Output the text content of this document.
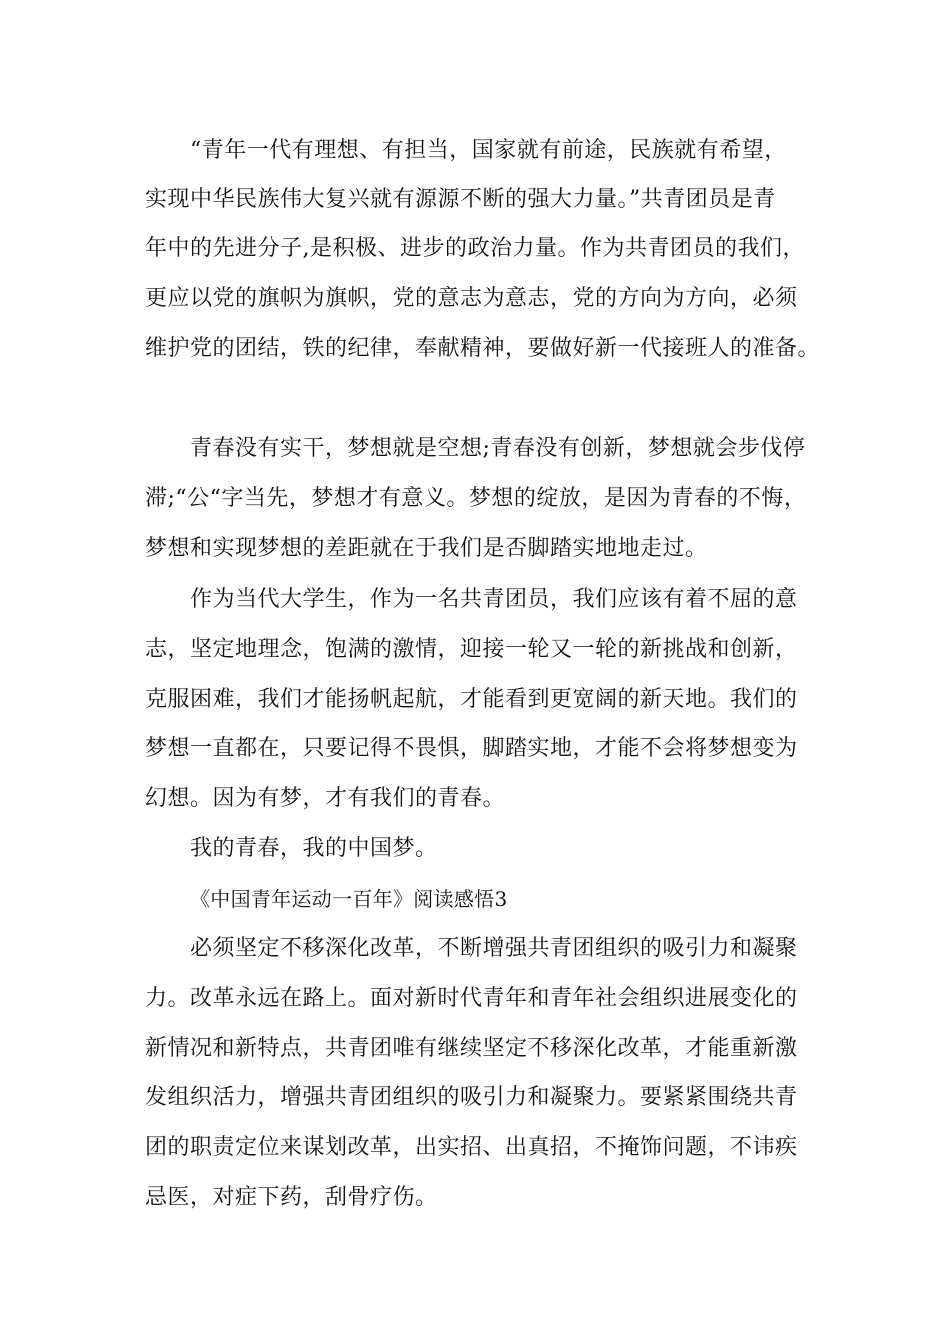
“青年一代有理想、有担当，国家就有前途，民族就有希望，
实现中华民族伟大复兴就有源源不断的强大力量。”共青团员是青
年中的先进分子,是积极、进步的政治力量。作为共青团员的我们，
更应以党的旗帜为旗帜，党的意志为意志，党的方向为方向，必须
维护党的团结，铁的纪律，奉献精神，要做好新一代接班人的准备。
青春没有实干，梦想就是空想;青春没有创新，梦想就会步伐停
滞;“公“字当先，梦想才有意义。梦想的绽放，是因为青春的不悔，
梦想和实现梦想的差距就在于我们是否脚踏实地地走过。
作为当代大学生，作为一名共青团员，我们应该有着不屈的意
志，坚定地理念，饱满的激情，迎接一轮又一轮的新挑战和创新，
克服困难，我们才能扬帆起航，才能看到更宽阔的新天地。我们的
梦想一直都在，只要记得不畏惧，脚踏实地，才能不会将梦想变为
幻想。因为有梦，才有我们的青春。
我的青春，我的中国梦。
《中国青年运动一百年》阅读感悟3
必须坚定不移深化改革，不断增强共青团组织的吸引力和凝聚
力。改革永远在路上。面对新时代青年和青年社会组织进展变化的
新情况和新特点，共青团唯有继续坚定不移深化改革，才能重新激
发组织活力，增强共青团组织的吸引力和凝聚力。要紧紧围绕共青
团的职责定位来谋划改革，出实招、出真招，不掩饰问题，不讳疾
忌医，对症下药，刮骨疗伤。
